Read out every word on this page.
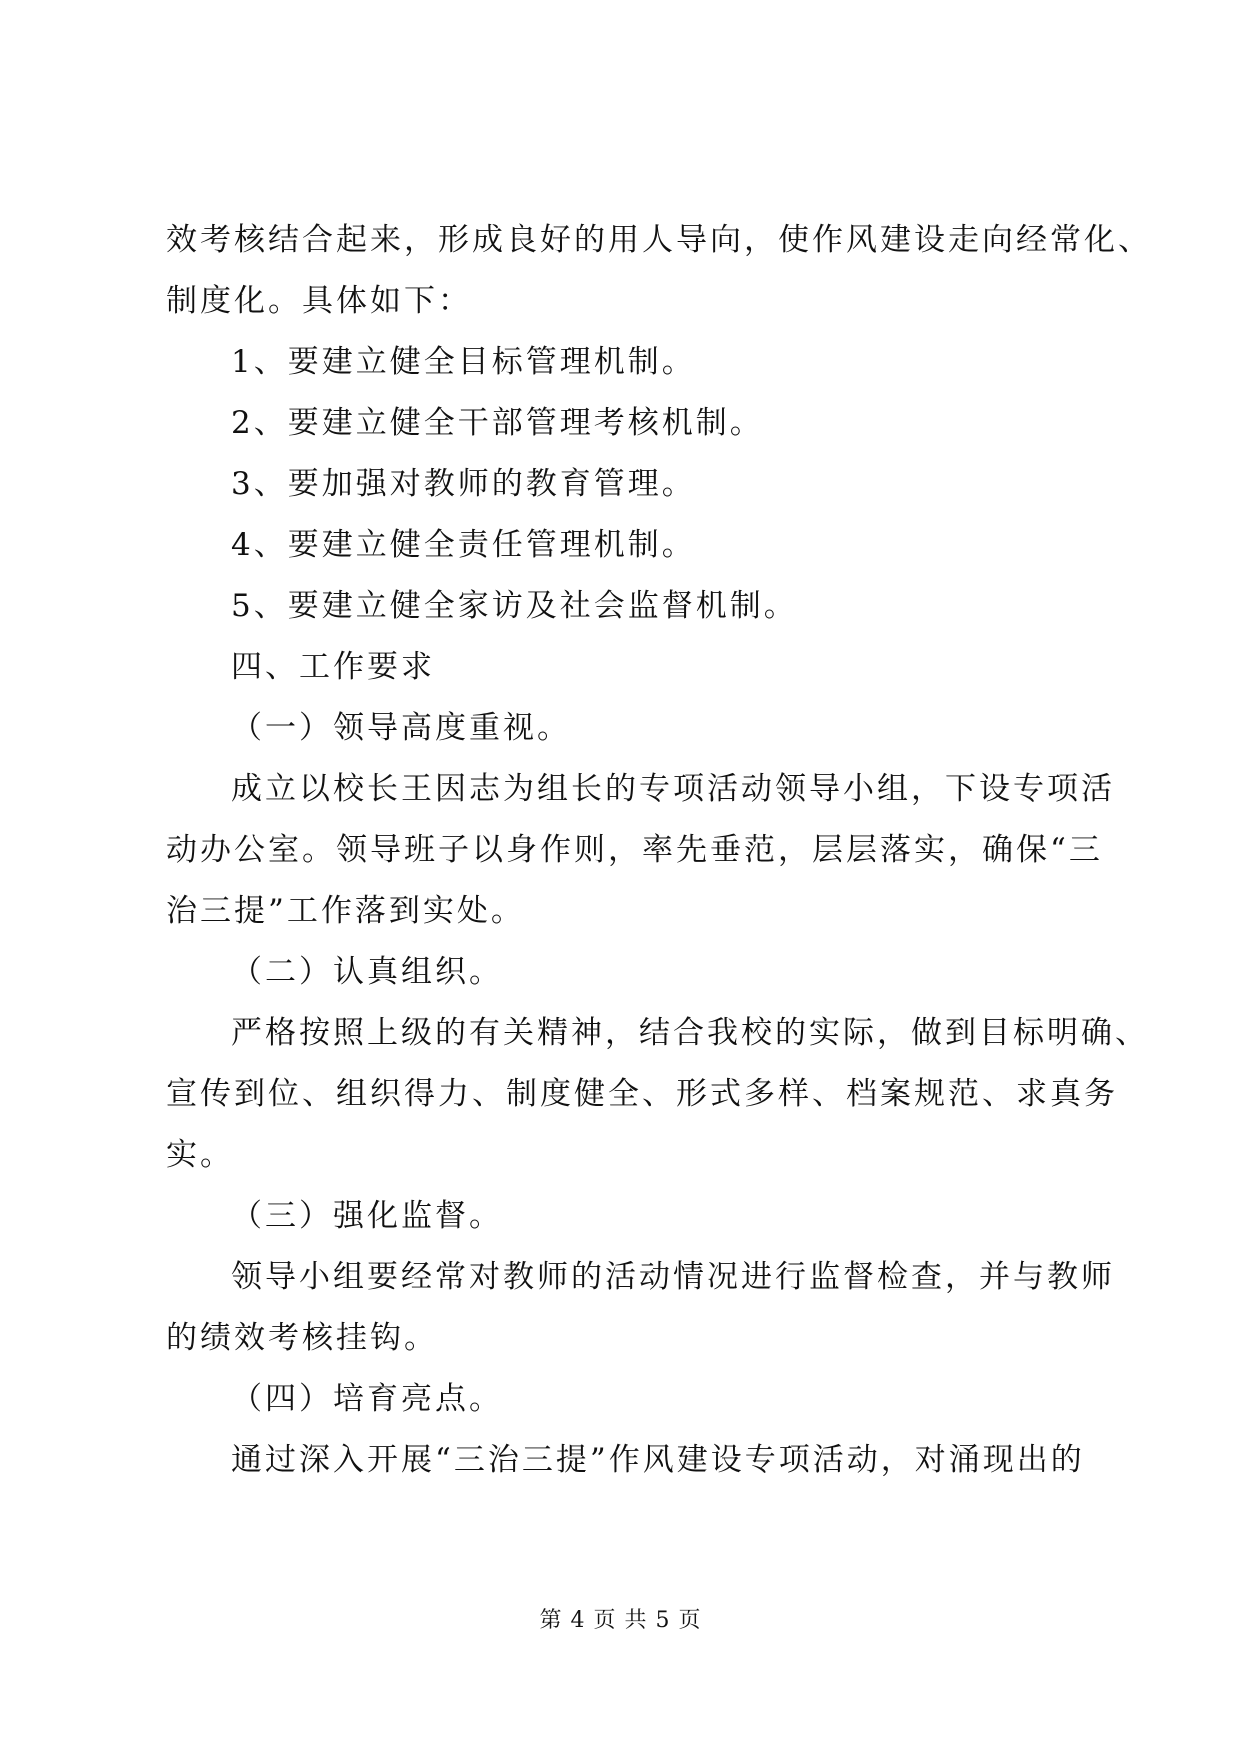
效考核结合起来，形成良好的用人导向，使作风建设走向经常化、
制度化。具体如下：
1、要建立健全目标管理机制。
2、要建立健全干部管理考核机制。
3、要加强对教师的教育管理。
4、要建立健全责任管理机制。
5、要建立健全家访及社会监督机制。
四、工作要求
（一）领导高度重视。
成立以校长王因志为组长的专项活动领导小组，下设专项活
动办公室。领导班子以身作则，率先垂范，层层落实，确保“三
治三提”工作落到实处。
（二）认真组织。
严格按照上级的有关精神，结合我校的实际，做到目标明确、
宣传到位、组织得力、制度健全、形式多样、档案规范、求真务
实。
（三）强化监督。
领导小组要经常对教师的活动情况进行监督检查，并与教师
的绩效考核挂钩。
（四）培育亮点。
通过深入开展“三治三提”作风建设专项活动，对涌现出的
第 4 页 共 5 页
